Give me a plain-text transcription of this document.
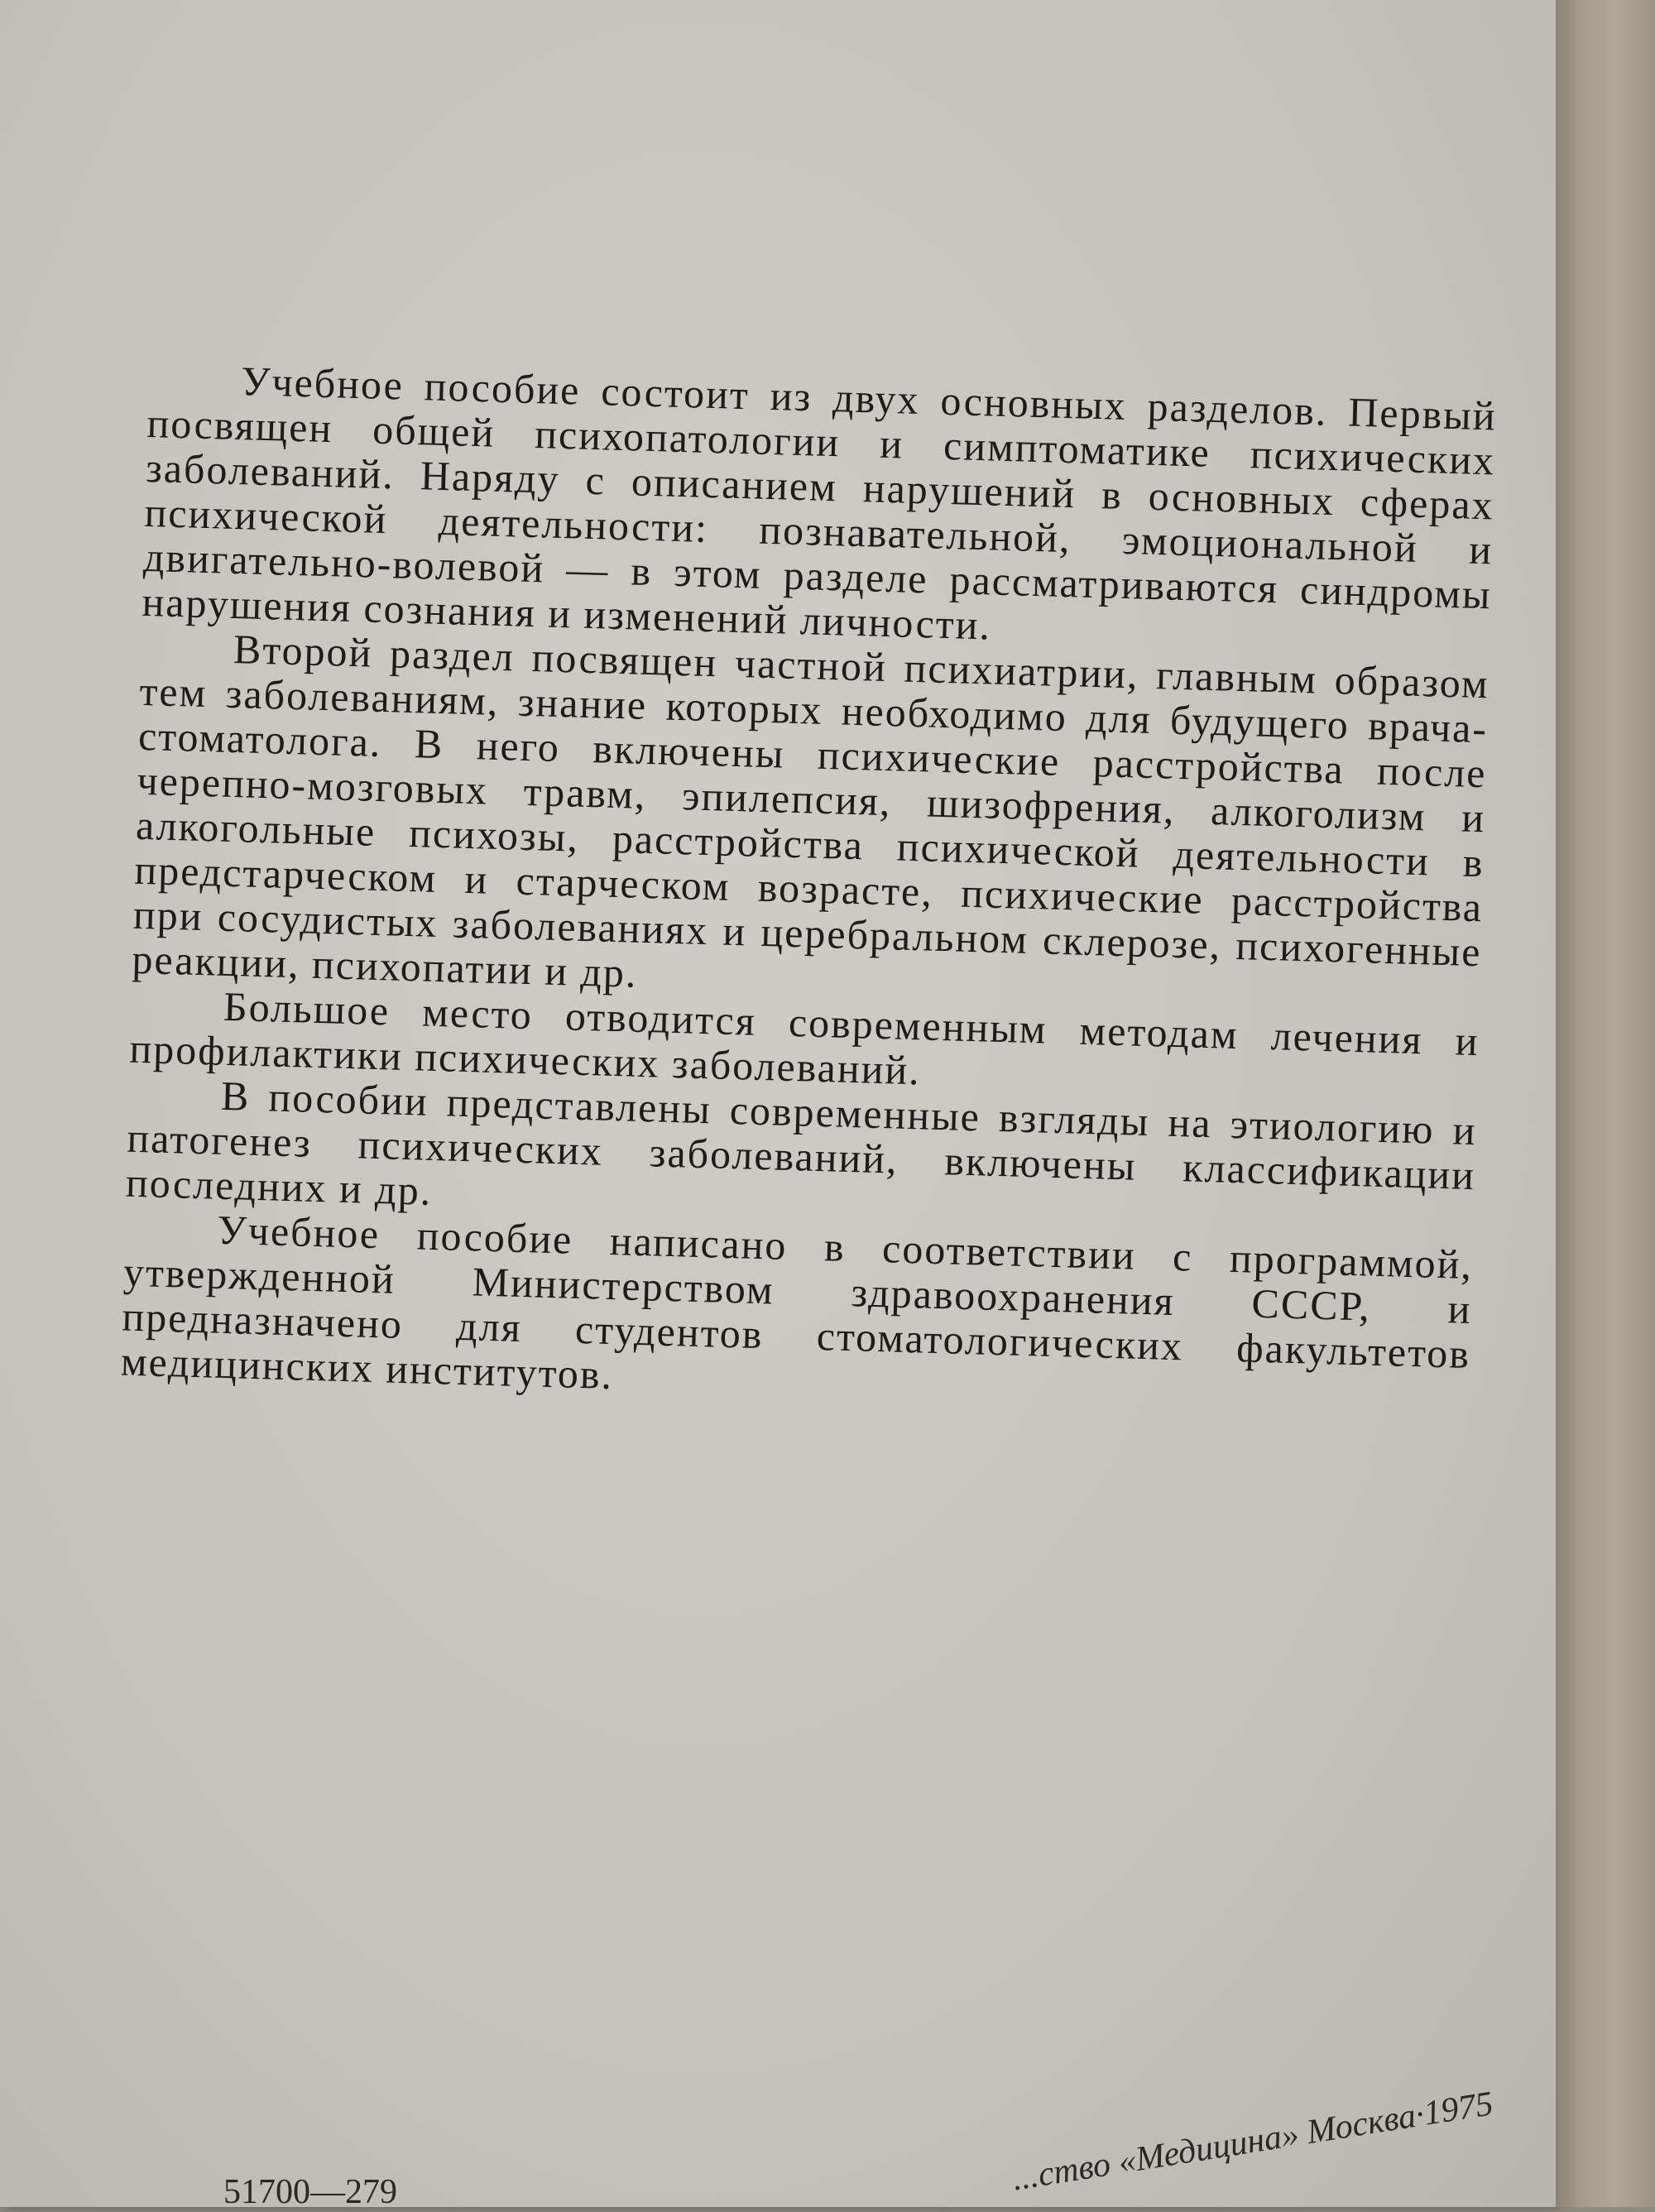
Учебное пособие состоит из двух основных разделов. Первый посвящен общей психопатологии и симптоматике психических заболеваний. Наряду с описанием нарушений в основных сферах психической деятельности: познавательной, эмоциональной и двигательно-волевой — в этом разделе рассматриваются синдромы нарушения сознания и изменений личности.

Второй раздел посвящен частной психиатрии, главным образом тем заболеваниям, знание которых необходимо для будущего врача-стоматолога. В него включены психические расстройства после черепно-мозговых травм, эпилепсия, шизофрения, алкоголизм и алкогольные психозы, расстройства психической деятельности в предстарческом и старческом возрасте, психические расстройства при сосудистых заболеваниях и церебральном склерозе, психогенные реакции, психопатии и др.

Большое место отводится современным методам лечения и профилактики психических заболеваний.

В пособии представлены современные взгляды на этиологию и патогенез психических заболеваний, включены классификации последних и др.

Учебное пособие написано в соответствии с программой, утвержденной Министерством здравоохранения СССР, и предназначено для студентов стоматологических факультетов медицинских институтов.

51700—279	...ство «Медицина» Москва·1975
